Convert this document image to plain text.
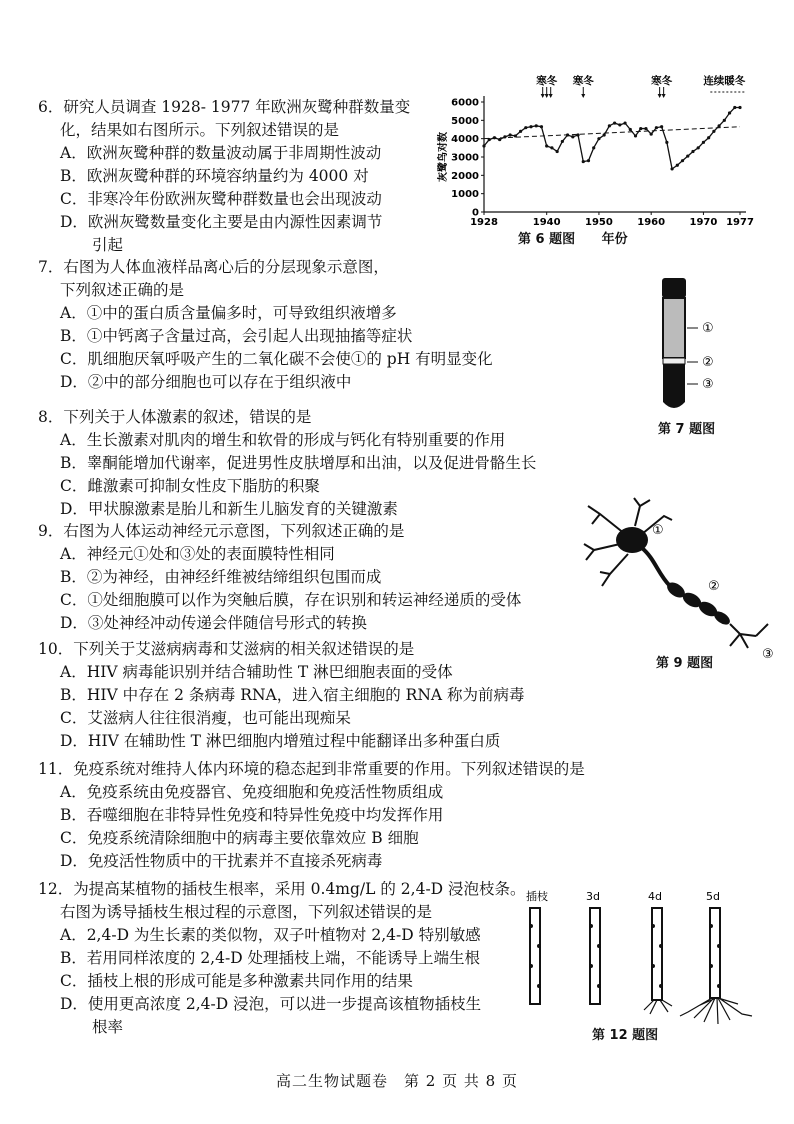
6．研究人员调查 1928- 1977 年欧洲灰鹭种群数量变
化，结果如右图所示。下列叙述错误的是
A．欧洲灰鹭种群的数量波动属于非周期性波动
B．欧洲灰鹭种群的环境容纳量约为 4000 对
C．非寒冷年份欧洲灰鹭种群数量也会出现波动
D．欧洲灰鹭数量变化主要是由内源性因素调节
引起
7．右图为人体血液样品离心后的分层现象示意图，
下列叙述正确的是
A．①中的蛋白质含量偏多时，可导致组织液增多
B．①中钙离子含量过高，会引起人出现抽搐等症状
C．肌细胞厌氧呼吸产生的二氧化碳不会使①的 pH 有明显变化
D．②中的部分细胞也可以存在于组织液中
8．下列关于人体激素的叙述，错误的是
A．生长激素对肌肉的增生和软骨的形成与钙化有特别重要的作用
B．睾酮能增加代谢率，促进男性皮肤增厚和出油，以及促进骨骼生长
C．雌激素可抑制女性皮下脂肪的积聚
D．甲状腺激素是胎儿和新生儿脑发育的关键激素
9．右图为人体运动神经元示意图，下列叙述正确的是
A．神经元①处和③处的表面膜特性相同
B．②为神经，由神经纤维被结缔组织包围而成
C．①处细胞膜可以作为突触后膜，存在识别和转运神经递质的受体
D．③处神经冲动传递会伴随信号形式的转换
10．下列关于艾滋病病毒和艾滋病的相关叙述错误的是
A．HIV 病毒能识别并结合辅助性 T 淋巴细胞表面的受体
B．HIV 中存在 2 条病毒 RNA，进入宿主细胞的 RNA 称为前病毒
C．艾滋病人往往很消瘦，也可能出现痴呆
D．HIV 在辅助性 T 淋巴细胞内增殖过程中能翻译出多种蛋白质
11．免疫系统对维持人体内环境的稳态起到非常重要的作用。下列叙述错误的是
A．免疫系统由免疫器官、免疫细胞和免疫活性物质组成
B．吞噬细胞在非特异性免疫和特异性免疫中均发挥作用
C．免疫系统清除细胞中的病毒主要依靠效应 B 细胞
D．免疫活性物质中的干扰素并不直接杀死病毒
12．为提高某植物的插枝生根率，采用 0.4mg/L 的 2,4-D 浸泡枝条。
右图为诱导插枝生根过程的示意图，下列叙述错误的是
A．2,4-D 为生长素的类似物，双子叶植物对 2,4-D 特别敏感
B．若用同样浓度的 2,4-D 处理插枝上端，不能诱导上端生根
C．插枝上根的形成可能是多种激素共同作用的结果
D．使用更高浓度 2,4-D 浸泡，可以进一步提高该植物插枝生
根率
0
1000
2000
3000
4000
5000
6000
1928	1940 1950 1960 1970 1977
灰鹭鸟对数
寒冬 寒冬	寒冬	连续暖冬
第 6 题图 年份
①
②
③
第 7 题图
①
②
③
第 9 题图
插枝	3d	4d	5d
第 12 题图
高二生物试题卷　第 2 页 共 8 页
